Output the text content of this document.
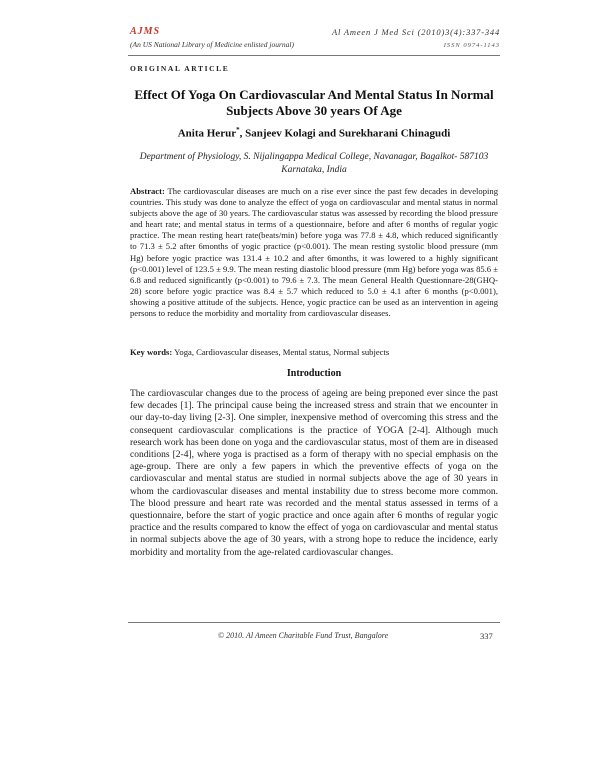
AJMS
(An US National Library of Medicine enlisted journal)
Al Ameen J Med Sci (2010)3(4):337-344
ISSN 0974-1143
ORIGINAL ARTICLE
Effect Of Yoga On Cardiovascular And Mental Status In Normal Subjects Above 30 years Of Age
Anita Herur*, Sanjeev Kolagi and Surekharani Chinagudi
Department of Physiology, S. Nijalingappa Medical College, Navanagar, Bagalkot- 587103 Karnataka, India
Abstract: The cardiovascular diseases are much on a rise ever since the past few decades in developing countries. This study was done to analyze the effect of yoga on cardiovascular and mental status in normal subjects above the age of 30 years. The cardiovascular status was assessed by recording the blood pressure and heart rate; and mental status in terms of a questionnaire, before and after 6 months of regular yogic practice. The mean resting heart rate(beats/min) before yoga was 77.8 ± 4.8, which reduced significantly to 71.3 ± 5.2 after 6months of yogic practice (p<0.001). The mean resting systolic blood pressure (mm Hg) before yogic practice was 131.4 ± 10.2 and after 6months, it was lowered to a highly significant (p<0.001) level of 123.5 ± 9.9. The mean resting diastolic blood pressure (mm Hg) before yoga was 85.6 ± 6.8 and reduced significantly (p<0.001) to 79.6 ± 7.3. The mean General Health Questionnare-28(GHQ-28) score before yogic practice was 8.4 ± 5.7 which reduced to 5.0 ± 4.1 after 6 months (p<0.001), showing a positive attitude of the subjects. Hence, yogic practice can be used as an intervention in ageing persons to reduce the morbidity and mortality from cardiovascular diseases.
Key words: Yoga, Cardiovascular diseases, Mental status, Normal subjects
Introduction
The cardiovascular changes due to the process of ageing are being preponed ever since the past few decades [1]. The principal cause being the increased stress and strain that we encounter in our day-to-day living [2-3]. One simpler, inexpensive method of overcoming this stress and the consequent cardiovascular complications is the practice of YOGA [2-4]. Although much research work has been done on yoga and the cardiovascular status, most of them are in diseased conditions [2-4], where yoga is practised as a form of therapy with no special emphasis on the age-group. There are only a few papers in which the preventive effects of yoga on the cardiovascular and mental status are studied in normal subjects above the age of 30 years in whom the cardiovascular diseases and mental instability due to stress become more common. The blood pressure and heart rate was recorded and the mental status assessed in terms of a questionnaire, before the start of yogic practice and once again after 6 months of regular yogic practice and the results compared to know the effect of yoga on cardiovascular and mental status in normal subjects above the age of 30 years, with a strong hope to reduce the incidence, early morbidity and mortality from the age-related cardiovascular changes.
© 2010. Al Ameen Charitable Fund Trust, Bangalore	337
